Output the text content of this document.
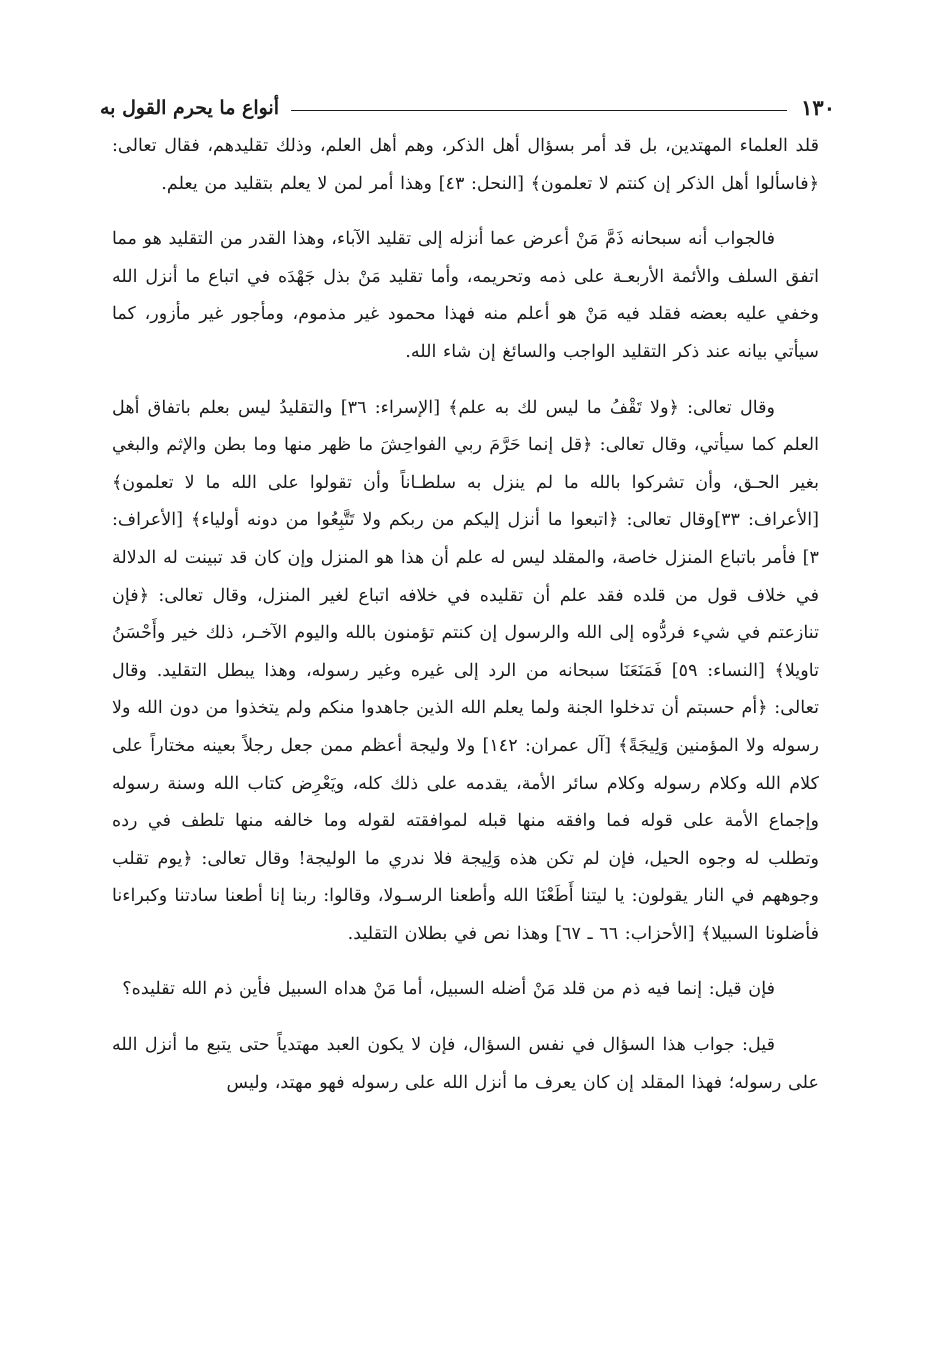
١٣٠
أنواع ما يحرم القول به

قلد العلماء المهتدين، بل قد أمر بسؤال أهل الذكر، وهم أهل العلم، وذلك تقليدهم، فقال تعالى: ﴿فاسألوا أهل الذكر إن كنتم لا تعلمون﴾ [النحل: ٤٣] وهذا أمر لمن لا يعلم بتقليد من يعلم.

فالجواب أنه سبحانه ذَمَّ مَنْ أعرض عما أنزله إلى تقليد الآباء، وهذا القدر من التقليد هو مما اتفق السلف والأئمة الأربعـة على ذمه وتحريمه، وأما تقليد مَنْ بذل جَهْدَه في اتباع ما أنزل الله وخفي عليه بعضه فقلد فيه مَنْ هو أعلم منه فهذا محمود غير مذموم، ومأجور غير مأزور، كما سيأتي بيانه عند ذكر التقليد الواجب والسائغ إن شاء الله.

وقال تعالى: ﴿ولا تَقْفُ ما ليس لك به علم﴾ [الإسراء: ٣٦] والتقليدُ ليس بعلم باتفاق أهل العلم كما سيأتي، وقال تعالى: ﴿قل إنما حَرَّمَ ربي الفواحِشَ ما ظهر منها وما بطن والإثم والبغي بغير الحـق، وأن تشركوا بالله ما لم ينزل به سلطـاناً وأن تقولوا على الله ما لا تعلمون﴾[الأعراف: ٣٣]وقال تعالى: ﴿اتبعوا ما أنزل إليكم من ربكم ولا تَتَّبِعُوا من دونه أولياء﴾ [الأعراف: ٣] فأمر باتباع المنزل خاصة، والمقلد ليس له علم أن هذا هو المنزل وإن كان قد تبينت له الدلالة في خلاف قول من قلده فقد علم أن تقليده في خلافه اتباع لغير المنزل، وقال تعالى: ﴿فإن تنازعتم في شيء فردُّوه إلى الله والرسول إن كنتم تؤمنون بالله واليوم الآخـر، ذلك خير وأَحْسَنُ تاويلا﴾ [النساء: ٥٩] فَمَنَعَنَا سبحانه من الرد إلى غيره وغير رسوله، وهذا يبطل التقليد. وقال تعالى: ﴿أم حسبتم أن تدخلوا الجنة ولما يعلم الله الذين جاهدوا منكم ولم يتخذوا من دون الله ولا رسوله ولا المؤمنين وَلِيجَةً﴾ [آل عمران: ١٤٢] ولا وليجة أعظم ممن جعل رجلاً بعينه مختاراً على كلام الله وكلام رسوله وكلام سائر الأمة، يقدمه على ذلك كله، ويَعْرِض كتاب الله وسنة رسوله وإجماع الأمة على قوله فما وافقه منها قبله لموافقته لقوله وما خالفه منها تلطف في رده وتطلب له وجوه الحيل، فإن لم تكن هذه وَلِيجة فلا ندري ما الوليجة! وقال تعالى: ﴿يوم تقلب وجوههم في النار يقولون: يا ليتنا أَطَعْنَا الله وأطعنا الرسـولا، وقالوا: ربنا إنا أطعنا سادتنا وكبراءنا فأضلونا السبيلا﴾ [الأحزاب: ٦٦ ـ ٦٧] وهذا نص في بطلان التقليد.

فإن قيل: إنما فيه ذم من قلد مَنْ أضله السبيل، أما مَنْ هداه السبيل فأين ذم الله تقليده؟

قيل: جواب هذا السؤال في نفس السؤال، فإن لا يكون العبد مهتدياً حتى يتبع ما أنزل الله على رسوله؛ فهذا المقلد إن كان يعرف ما أنزل الله على رسوله فهو مهتد، وليس
